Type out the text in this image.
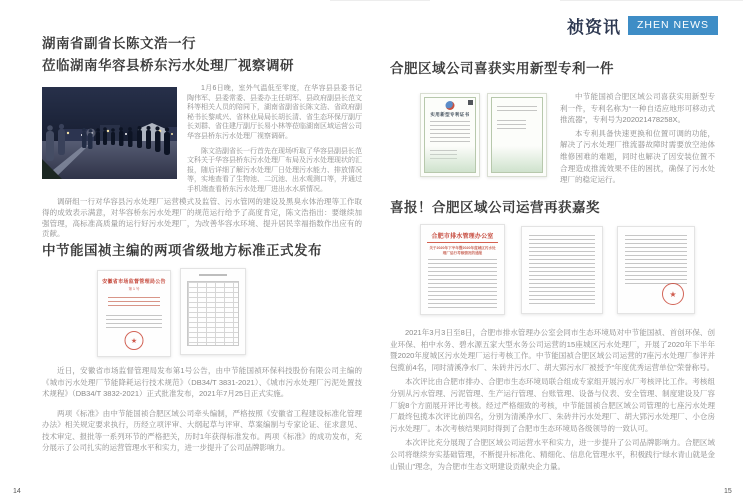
祯资讯	ZHEN NEWS
湖南省副省长陈文浩一行
莅临湖南华容县桥东污水处理厂视察调研

1月6日晚，室外气温低至零度，在华容县县委书记陶伟军、县委常委、县委办主任胡军、县政府副县长范文科等相关人员的陪同下，湖南省副省长陈文浩、省政府副秘书长黎咸兴、省林业局局长胡长清、省生态环保厅副厅长刘群、省住建厅副厅长易小林等莅临湖南区域运营公司华容县桥东污水处理厂视察调研。

陈文浩副省长一行首先在现场听取了华容县副县长范文科关于华容县桥东污水处理厂布局及污水处理现状的汇报，随后详细了解污水处理厂日处理污水能力、排放情况等，实地查看了生物池、二沉池、出水观测口等，并通过手机端查看桥东污水处理厂进出水水质情况。

调研组一行对华容县污水处理厂运营模式及监管、污水管网的建设及黑臭水体治理等工作取得的成效表示满意，对华容桥东污水处理厂的规范运行给予了高度肯定，陈文浩指出：要继续加强管理，高标准高质量的运行好污水处理厂，为改善华容水环境、提升居民幸福指数作出应有的贡献。

中节能国祯主编的两项省级地方标准正式发布
安徽省市场监督管理局公告
第 1 号
★

近日，安徽省市场监督管理局发布第1号公告，由中节能国祯环保科技股份有限公司主编的《城市污水处理厂节能降耗运行技术规范》（DB34/T 3831-2021）、《城市污水处理厂污泥处置技术规程》（DB34/T 3832-2021）正式批准发布，2021年7月25日正式实施。

两项《标准》由中节能国祯合肥区域公司牵头编制，严格按照《安徽省工程建设标准化管理办法》相关规定要求执行，历经立项评审、大纲起草与评审、草案编制与专家论证、征求意见、技术审定、报批等一系列环节的严格把关，历时1年获得标准发布。两项《标准》的成功发布，充分展示了公司扎实的运营管理水平和实力，进一步提升了公司品牌影响力。

14
合肥区域公司喜获实用新型专利一件
实用新型专利证书

中节能国祯合肥区域公司喜获实用新型专利一件，专利名称为“一种自适应地形可移动式推流器”，专利号为202021478258X。

本专利具备快速更换和位置可调的功能，解决了污水处理厂推流器故障时需要放空池体维修困难的难题，同时也解决了因安装位置不合理造成推流效果不佳的困扰，确保了污水处理厂的稳定运行。

喜报！合肥区域公司运营再获嘉奖
合肥市排水管理办公室
关于2020年下半年暨2020年度城区污水处理厂运行考核情况的通报
★

2021年3月3日至8日，合肥市排水管理办公室会同市生态环境局对中节能国祯、首创环保、创业环保、柏中水务、碧水源五家大型水务公司运营的15座城区污水处理厂，开展了2020年下半年暨2020年度城区污水处理厂运行考核工作。中节能国祯合肥区域公司运营的7座污水处理厂参评并包揽前4名，同时清溪净水厂、朱砖井污水厂、胡大郢污水厂被授予“年度优秀运营单位”荣誉称号。

本次评比由合肥市排办、合肥市生态环境局联合组成专家组开展污水厂考核评比工作。考核组分别从污水管理、污泥管理、生产运行管理、台账管理、设备与仪表、安全管理、制度建设及厂容厂貌8个方面展开评比考核。经过严格细致的考核，中节能国祯合肥区域公司管理的七座污水处理厂最终包揽本次评比前四名，分别为清溪净水厂、朱砖井污水处理厂、胡大郢污水处理厂、小仓房污水处理厂。本次考核结果同时得到了合肥市生态环境局各级领导的一致认可。

本次评比充分展现了合肥区域公司运营水平和实力，进一步提升了公司品牌影响力。合肥区域公司将继续夯实基础管理，不断提升标准化、精细化、信息化管理水平，积极践行“绿水青山就是金山银山”理念，为合肥市生态文明建设贡献央企力量。

15
